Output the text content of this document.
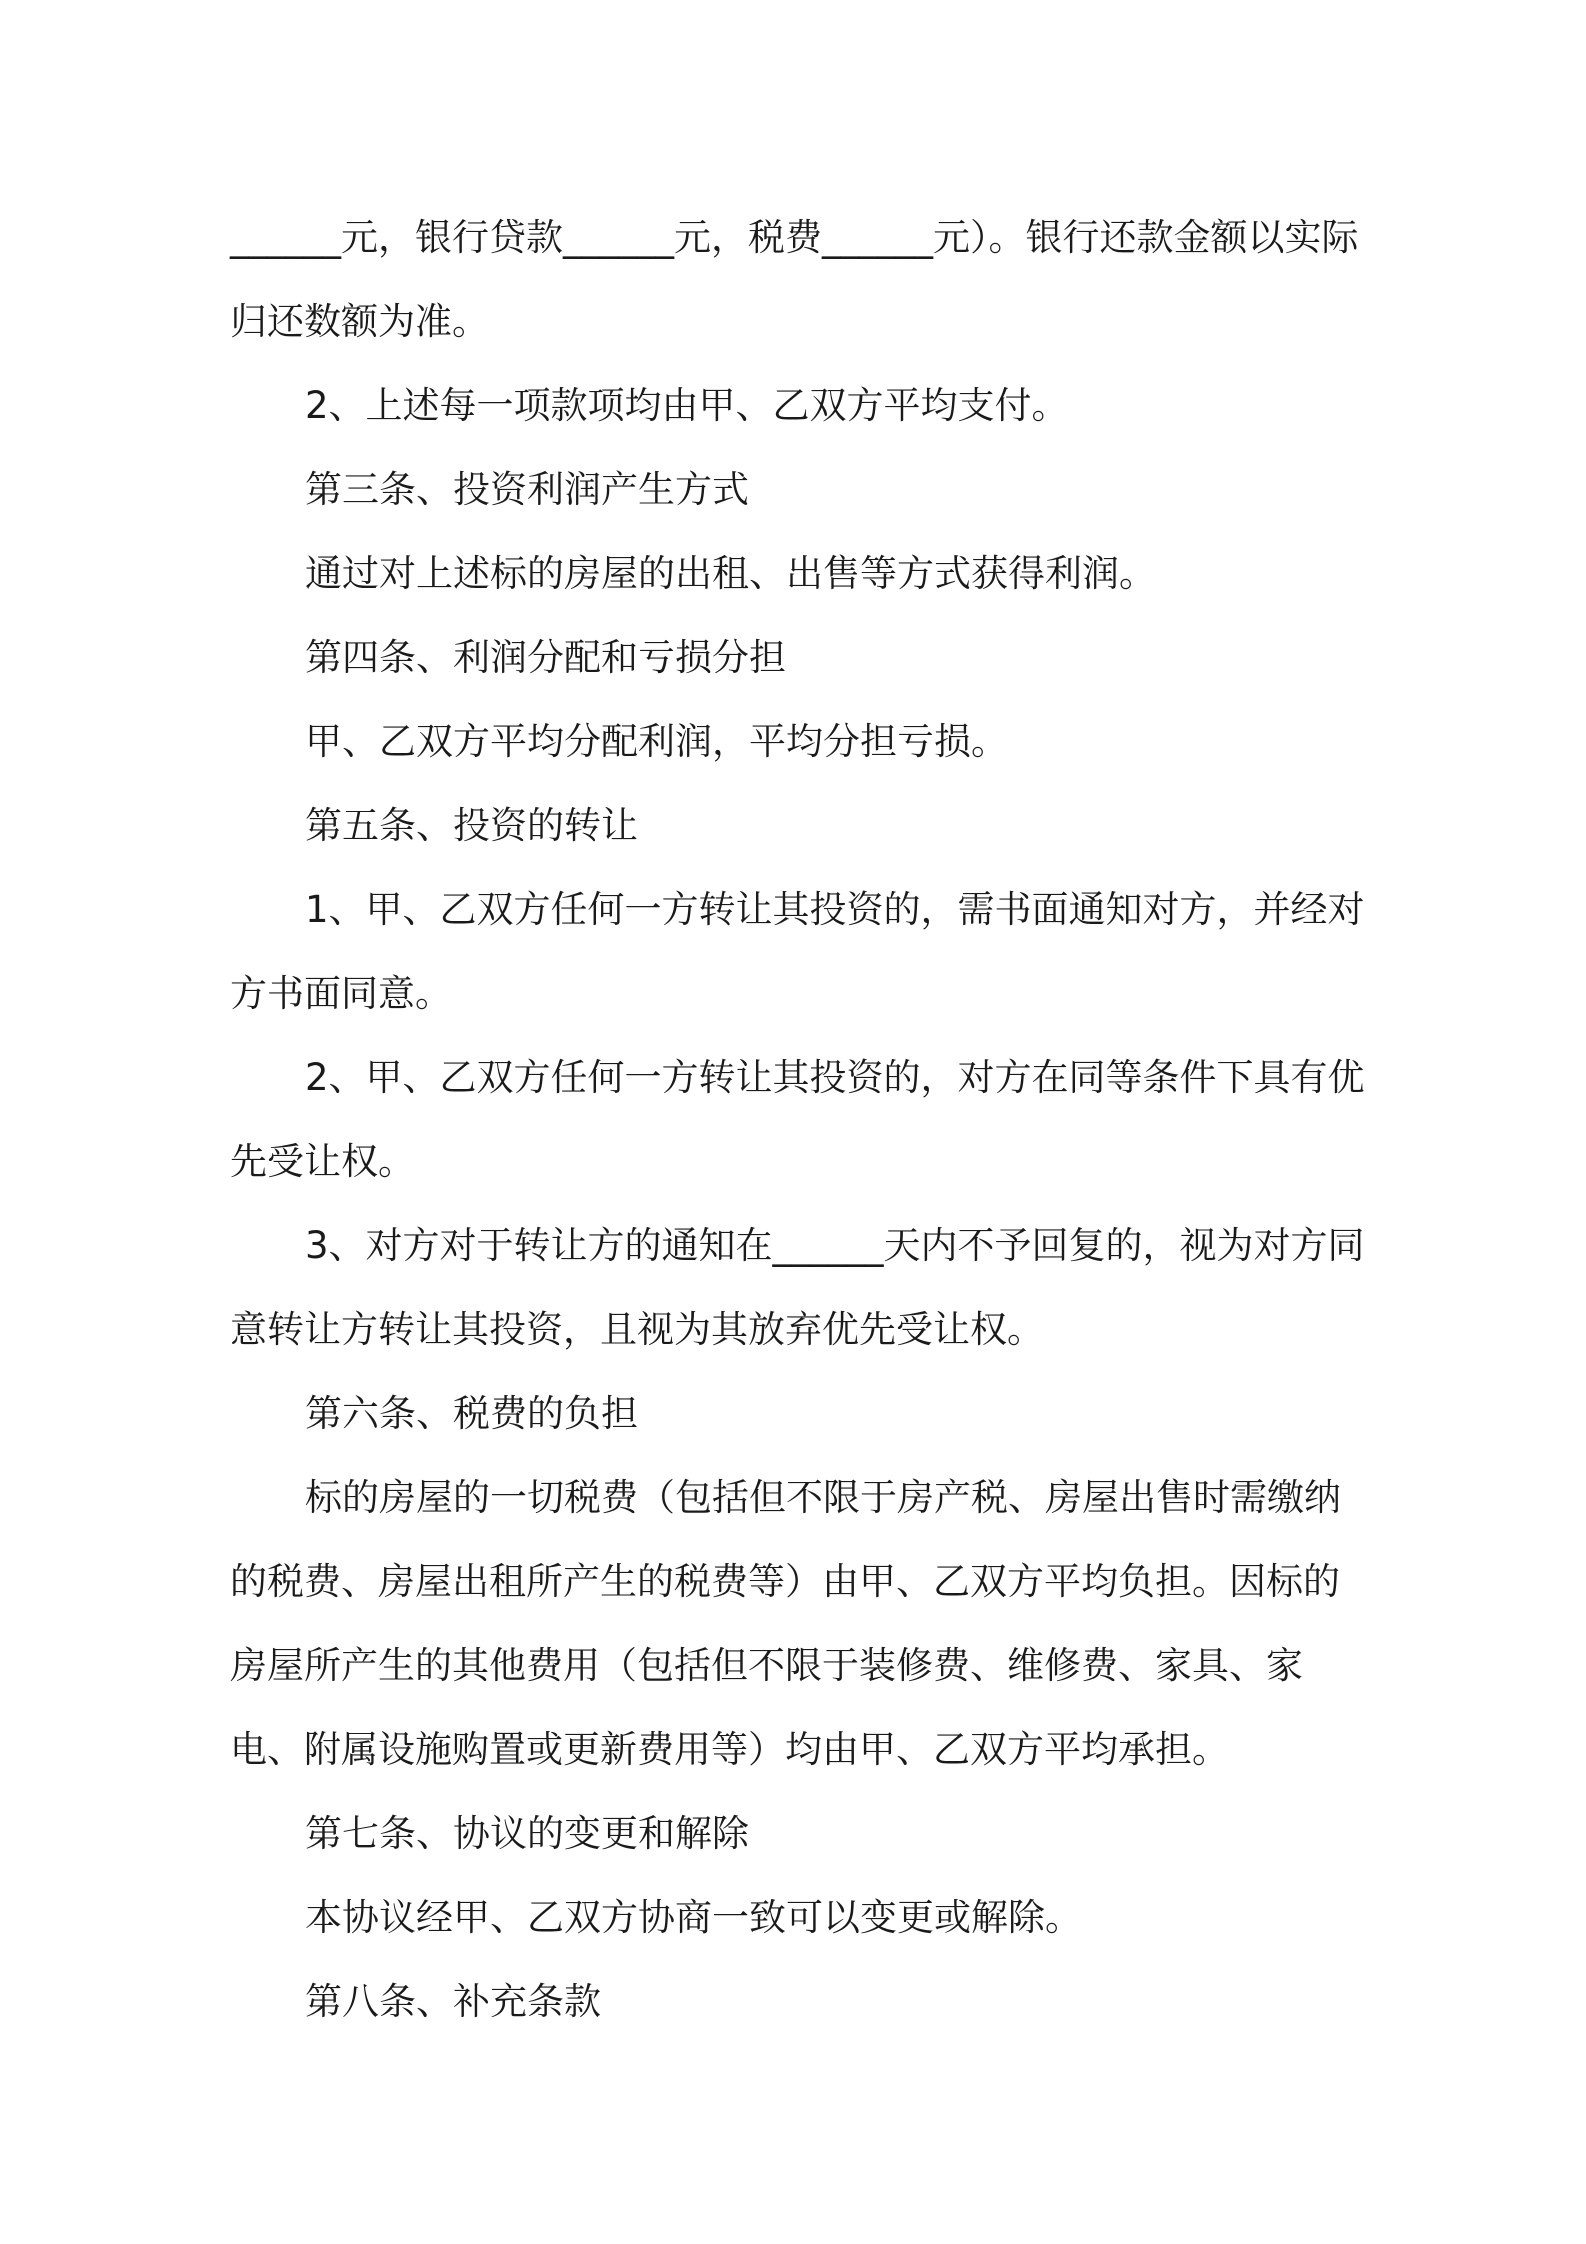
______元，银行贷款______元，税费______元）。银行还款金额以实际归还数额为准。

2、上述每一项款项均由甲、乙双方平均支付。

第三条、投资利润产生方式

通过对上述标的房屋的出租、出售等方式获得利润。

第四条、利润分配和亏损分担

甲、乙双方平均分配利润，平均分担亏损。

第五条、投资的转让

1、甲、乙双方任何一方转让其投资的，需书面通知对方，并经对方书面同意。

2、甲、乙双方任何一方转让其投资的，对方在同等条件下具有优先受让权。

3、对方对于转让方的通知在______天内不予回复的，视为对方同意转让方转让其投资，且视为其放弃优先受让权。

第六条、税费的负担

标的房屋的一切税费（包括但不限于房产税、房屋出售时需缴纳的税费、房屋出租所产生的税费等）由甲、乙双方平均负担。因标的房屋所产生的其他费用（包括但不限于装修费、维修费、家具、家电、附属设施购置或更新费用等）均由甲、乙双方平均承担。

第七条、协议的变更和解除

本协议经甲、乙双方协商一致可以变更或解除。

第八条、补充条款
